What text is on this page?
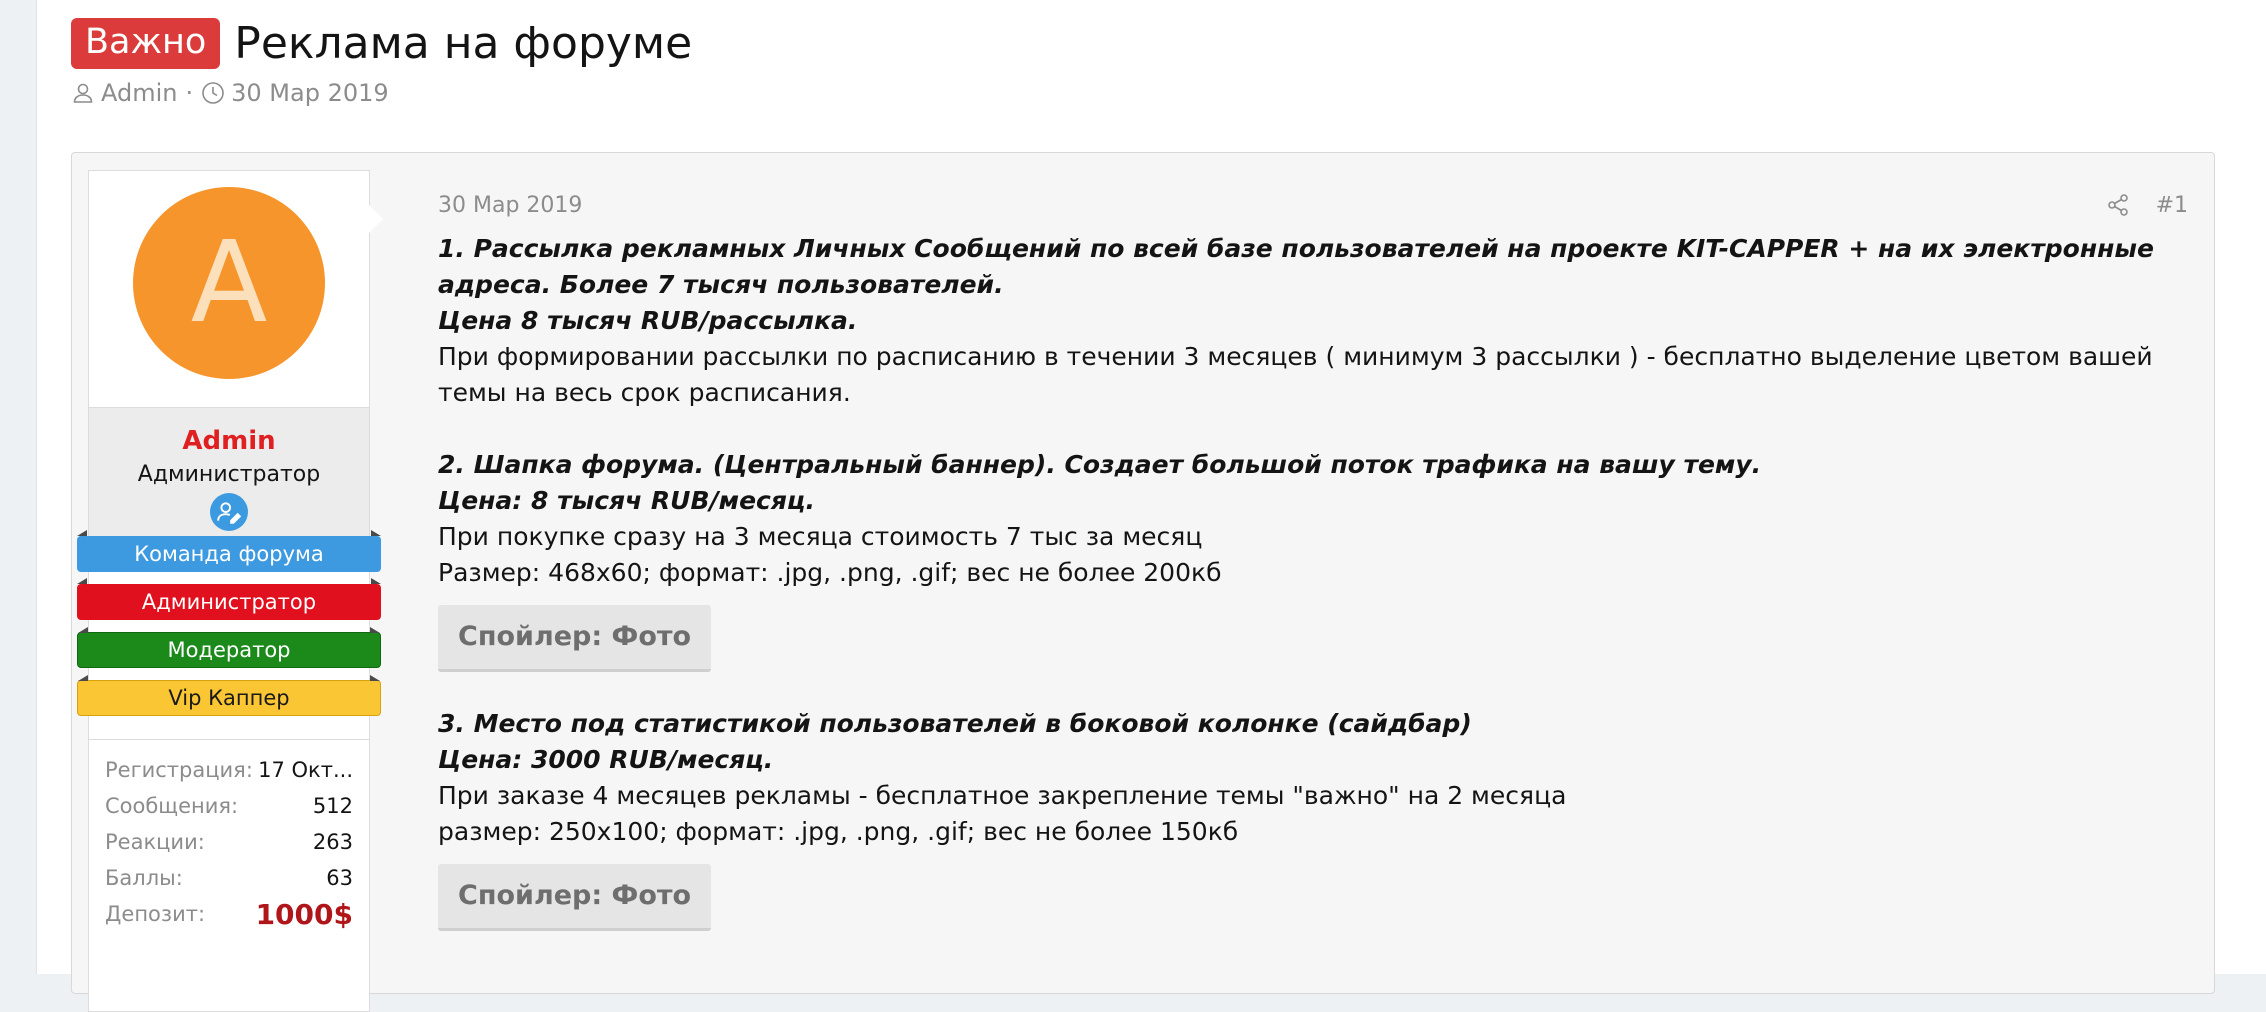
Важно Реклама на форуме
Admin · 30 Мар 2019
A
Admin
Администратор
Команда форума
Администратор
Модератор
Vip Каппер
Регистрация: 17 Окт...
Сообщения:	512
Реакции:	263
Баллы:	63
Депозит: 1000$
30 Мар 2019	#1
1. Рассылка рекламных Личных Сообщений по всей базе пользователей на проекте KIT-CAPPER + на их электронные адреса. Более 7 тысяч пользователей.
Цена 8 тысяч RUB/рассылка.
При формировании рассылки по расписанию в течении 3 месяцев ( минимум 3 рассылки ) - бесплатно выделение цветом вашей темы на весь срок расписания.
2. Шапка форума. (Центральный баннер). Создает большой поток трафика на вашу тему.
Цена: 8 тысяч RUB/месяц.
При покупке сразу на 3 месяца стоимость 7 тыс за месяц
Размер: 468x60; формат: .jpg, .png, .gif; вес не более 200кб
Спойлер: Фото
3. Место под статистикой пользователей в боковой колонке (сайдбар)
Цена: 3000 RUB/месяц.
При заказе 4 месяцев рекламы - бесплатное закрепление темы "важно" на 2 месяца
размер: 250x100; формат: .jpg, .png, .gif; вес не более 150кб
Спойлер: Фото
